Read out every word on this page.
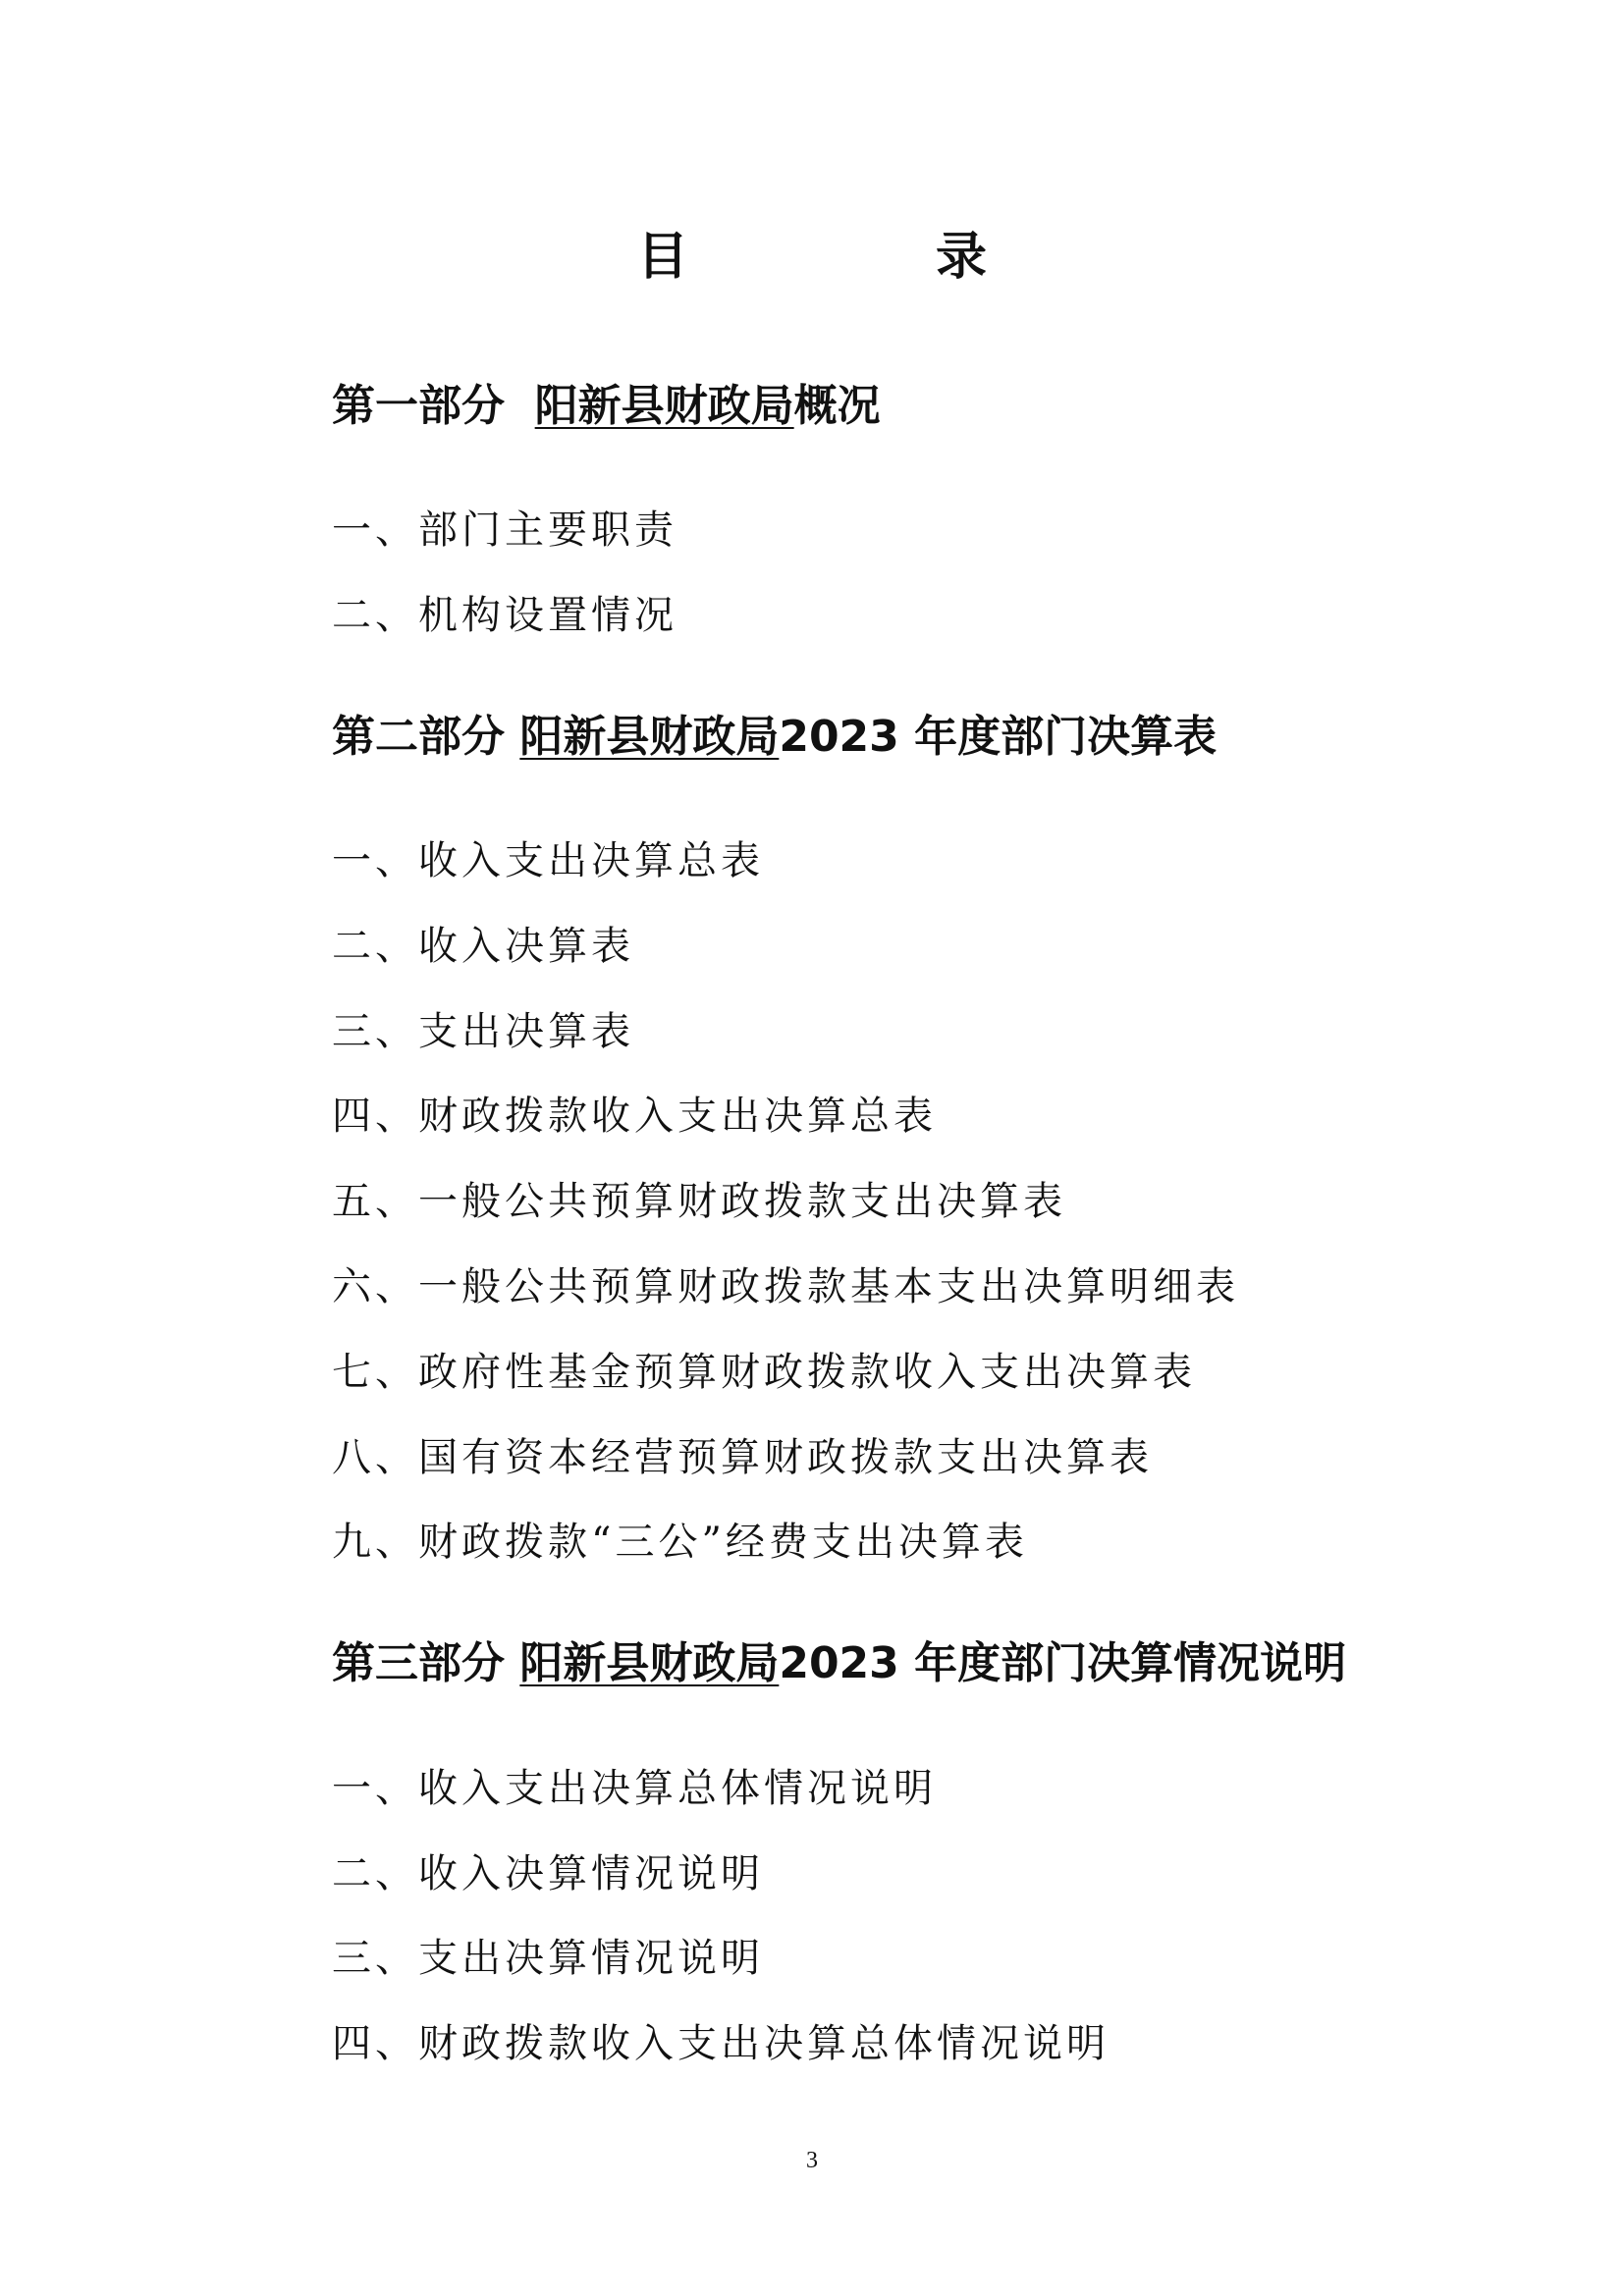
目　录
第一部分 阳新县财政局概况

一、部门主要职责

二、机构设置情况

第二部分 阳新县财政局2023 年度部门决算表

一、收入支出决算总表

二、收入决算表

三、支出决算表

四、财政拨款收入支出决算总表

五、一般公共预算财政拨款支出决算表

六、一般公共预算财政拨款基本支出决算明细表

七、政府性基金预算财政拨款收入支出决算表

八、国有资本经营预算财政拨款支出决算表

九、财政拨款“三公”经费支出决算表

第三部分 阳新县财政局2023 年度部门决算情况说明

一、收入支出决算总体情况说明

二、收入决算情况说明

三、支出决算情况说明

四、财政拨款收入支出决算总体情况说明

3
